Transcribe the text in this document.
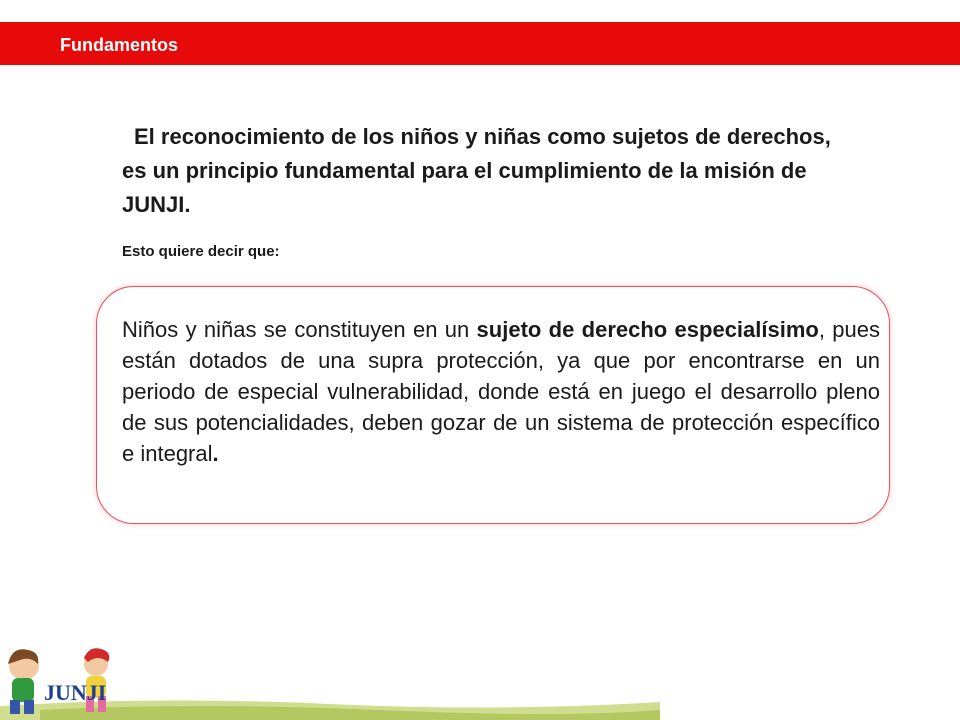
Fundamentos
El reconocimiento de los niños y niñas como sujetos de derechos, es un principio fundamental para el cumplimiento de la misión de JUNJI.
Esto quiere decir que:
Niños y niñas se constituyen en un sujeto de derecho especialísimo, pues están dotados de una supra protección, ya que por encontrarse en un periodo de especial vulnerabilidad, donde está en juego el desarrollo pleno de sus potencialidades, deben gozar de un sistema de protección específico e integral.
JUNJI
